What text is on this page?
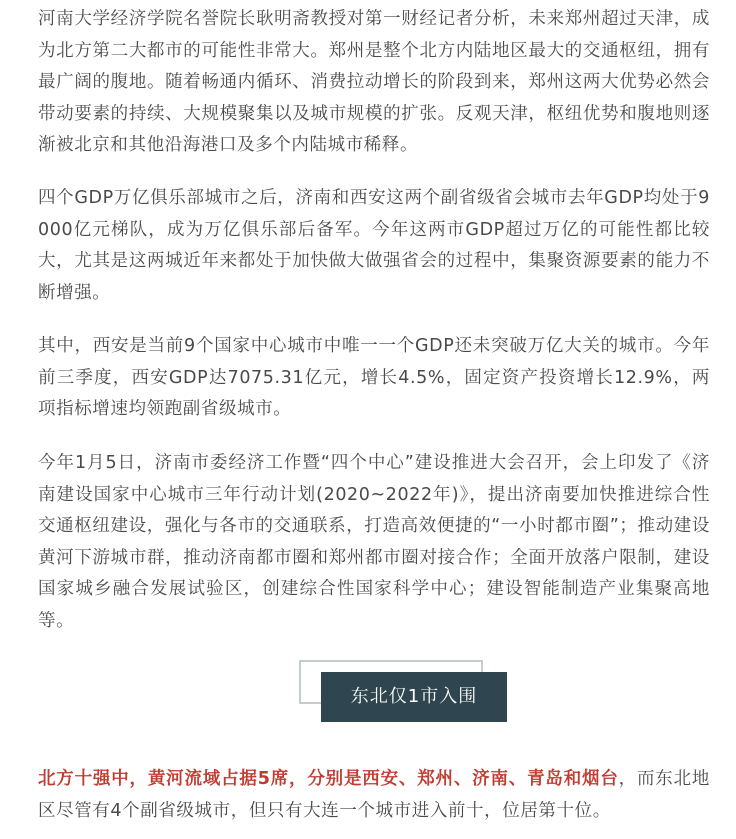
河南大学经济学院名誉院长耿明斋教授对第一财经记者分析，未来郑州超过天津，成为北方第二大都市的可能性非常大。郑州是整个北方内陆地区最大的交通枢纽，拥有最广阔的腹地。随着畅通内循环、消费拉动增长的阶段到来，郑州这两大优势必然会带动要素的持续、大规模聚集以及城市规模的扩张。反观天津，枢纽优势和腹地则逐渐被北京和其他沿海港口及多个内陆城市稀释。

四个GDP万亿俱乐部城市之后，济南和西安这两个副省级省会城市去年GDP均处于9000亿元梯队，成为万亿俱乐部后备军。今年这两市GDP超过万亿的可能性都比较大，尤其是这两城近年来都处于加快做大做强省会的过程中，集聚资源要素的能力不断增强。

其中，西安是当前9个国家中心城市中唯一一个GDP还未突破万亿大关的城市。今年前三季度，西安GDP达7075.31亿元，增长4.5%，固定资产投资增长12.9%，两项指标增速均领跑副省级城市。

今年1月5日，济南市委经济工作暨“四个中心”建设推进大会召开，会上印发了《济南建设国家中心城市三年行动计划(2020~2022年)》，提出济南要加快推进综合性交通枢纽建设，强化与各市的交通联系，打造高效便捷的“一小时都市圈”；推动建设黄河下游城市群，推动济南都市圈和郑州都市圈对接合作；全面开放落户限制，建设国家城乡融合发展试验区，创建综合性国家科学中心；建设智能制造产业集聚高地等。

东北仅1市入围

北方十强中，黄河流域占据5席，分别是西安、郑州、济南、青岛和烟台，而东北地区尽管有4个副省级城市，但只有大连一个城市进入前十，位居第十位。
